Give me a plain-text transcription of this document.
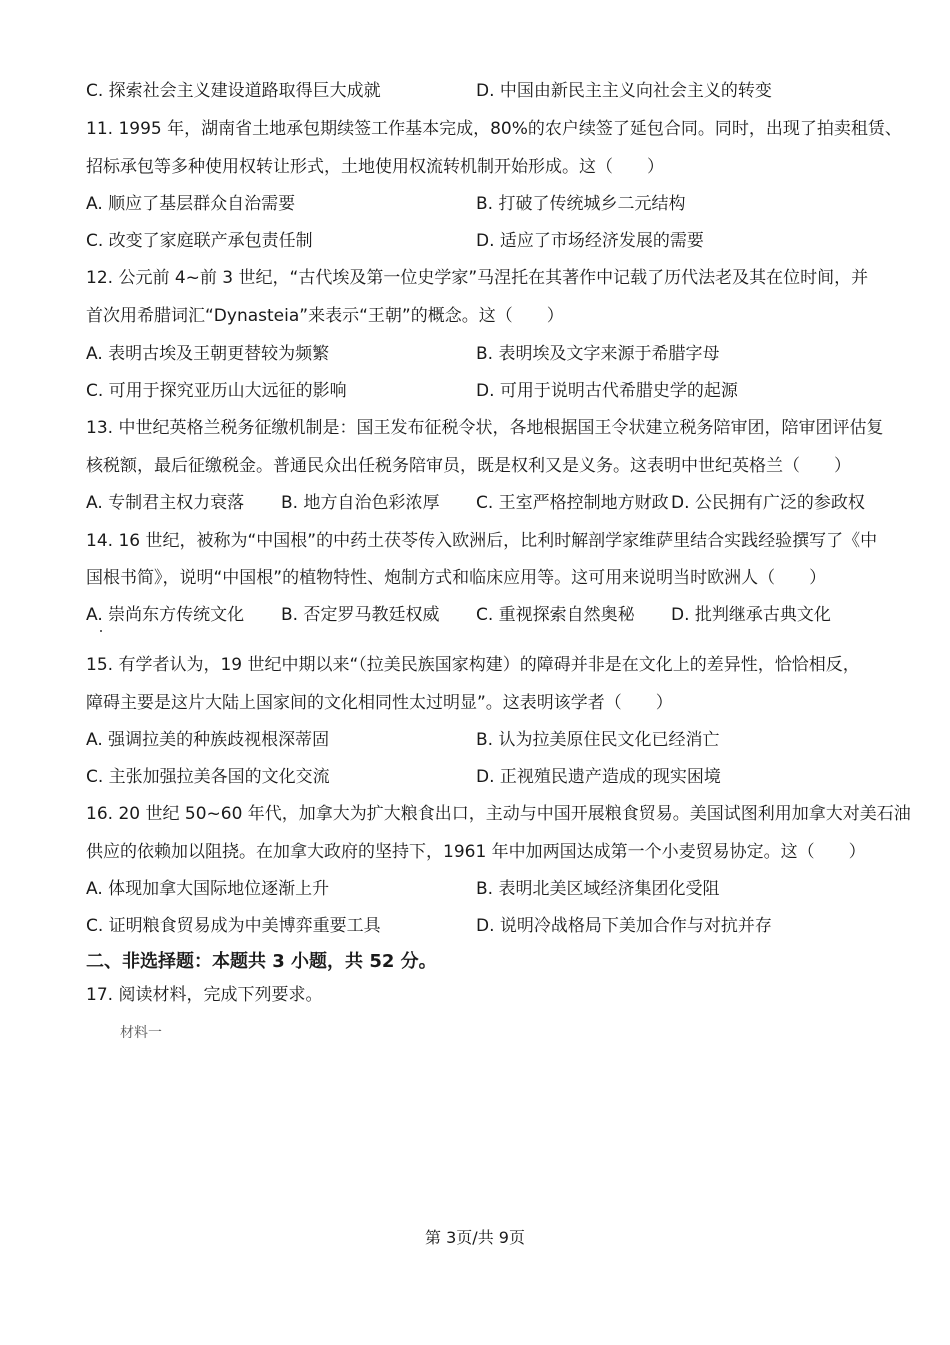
C. 探索社会主义建设道路取得巨大成就	D. 中国由新民主主义向社会主义的转变
11. 1995 年，湖南省土地承包期续签工作基本完成，80%的农户续签了延包合同。同时，出现了拍卖租赁、
招标承包等多种使用权转让形式，土地使用权流转机制开始形成。这（　　）
A. 顺应了基层群众自治需要	B. 打破了传统城乡二元结构
C. 改变了家庭联产承包责任制	D. 适应了市场经济发展的需要
12. 公元前 4~前 3 世纪，“古代埃及第一位史学家”马涅托在其著作中记载了历代法老及其在位时间，并
首次用希腊词汇“Dynasteia”来表示“王朝”的概念。这（　　）
A. 表明古埃及王朝更替较为频繁	B. 表明埃及文字来源于希腊字母
C. 可用于探究亚历山大远征的影响	D. 可用于说明古代希腊史学的起源
13. 中世纪英格兰税务征缴机制是：国王发布征税令状，各地根据国王令状建立税务陪审团，陪审团评估复
核税额，最后征缴税金。普通民众出任税务陪审员，既是权利又是义务。这表明中世纪英格兰（　　）
A. 专制君主权力衰落 B. 地方自治色彩浓厚 C. 王室严格控制地方财政 D. 公民拥有广泛的参政权
14. 16 世纪，被称为“中国根”的中药土茯苓传入欧洲后，比利时解剖学家维萨里结合实践经验撰写了《中
国根书简》，说明“中国根”的植物特性、炮制方式和临床应用等。这可用来说明当时欧洲人（　　）
A. 崇尚东方传统文化 B. 否定罗马教廷权威 C. 重视探索自然奥秘 D. 批判继承古典文化
15. 有学者认为，19 世纪中期以来“（拉美民族国家构建）的障碍并非是在文化上的差异性，恰恰相反，
障碍主要是这片大陆上国家间的文化相同性太过明显”。这表明该学者（　　）
A. 强调拉美的种族歧视根深蒂固	B. 认为拉美原住民文化已经消亡
C. 主张加强拉美各国的文化交流	D. 正视殖民遗产造成的现实困境
16. 20 世纪 50~60 年代，加拿大为扩大粮食出口，主动与中国开展粮食贸易。美国试图利用加拿大对美石油
供应的依赖加以阻挠。在加拿大政府的坚持下，1961 年中加两国达成第一个小麦贸易协定。这（　　）
A. 体现加拿大国际地位逐渐上升	B. 表明北美区域经济集团化受阻
C. 证明粮食贸易成为中美博弈重要工具	D. 说明冷战格局下美加合作与对抗并存
二、非选择题：本题共 3 小题，共 52 分。
17. 阅读材料，完成下列要求。
材料一
第 3页/共 9页
